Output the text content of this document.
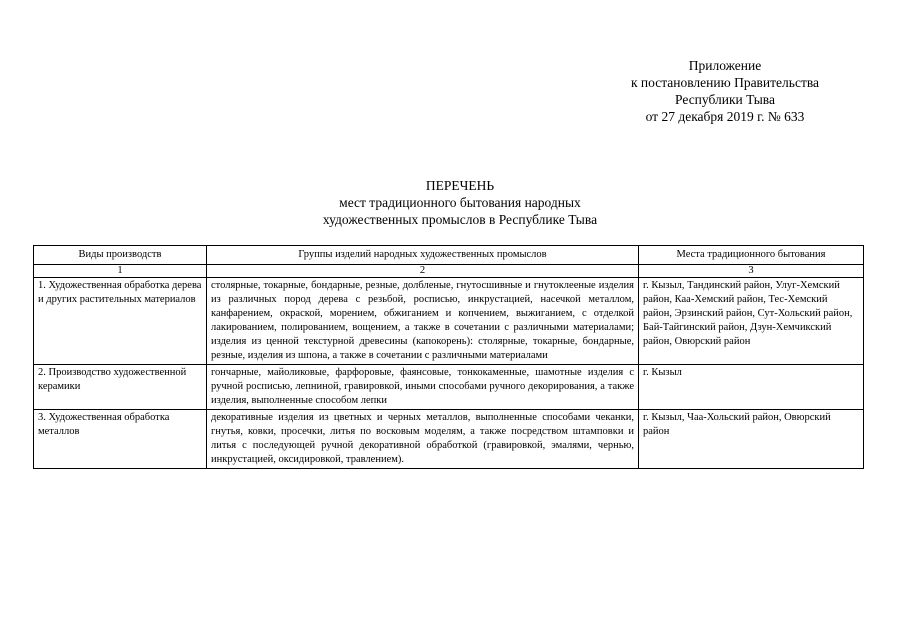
Приложение
к постановлению Правительства
Республики Тыва
от 27 декабря 2019 г. № 633
ПЕРЕЧЕНЬ
мест традиционного бытования народных
художественных промыслов в Республике Тыва
Виды производств	Группы изделий народных художественных промыслов	Места традиционного бытования
1	2	3
1. Художественная обработка дерева и других растительных материалов	столярные, токарные, бондарные, резные, долбленые, гнутосшивные и гнутоклееные изделия из различных пород дерева с резьбой, росписью, инкрустацией, насечкой металлом, канфарением, окраской, морением, обжиганием и копчением, выжиганием, с отделкой лакированием, полированием, вощением, а также в сочетании с различными материалами; изделия из ценной текстурной древесины (капокорень): столярные, токарные, бондарные, резные, изделия из шпона, а также в сочетании с различными материалами	г. Кызыл, Тандинский район, Улуг-Хемский район, Каа-Хемский район, Тес-Хемский район, Эрзинский район, Сут-Хольский район, Бай-Тайгинский район, Дзун-Хемчикский район, Овюрский район
2. Производство художественной керамики	гончарные, майоликовые, фарфоровые, фаянсовые, тонкокаменные, шамотные изделия с ручной росписью, лепниной, гравировкой, иными способами ручного декорирования, а также изделия, выполненные способом лепки	г. Кызыл
3. Художественная обработка металлов	декоративные изделия из цветных и черных металлов, выполненные способами чеканки, гнутья, ковки, просечки, литья по восковым моделям, а также посредством штамповки и литья с последующей ручной декоративной обработкой (гравировкой, эмалями, чернью, инкрустацией, оксидировкой, травлением).	г. Кызыл, Чаа-Хольский район, Овюрский район
